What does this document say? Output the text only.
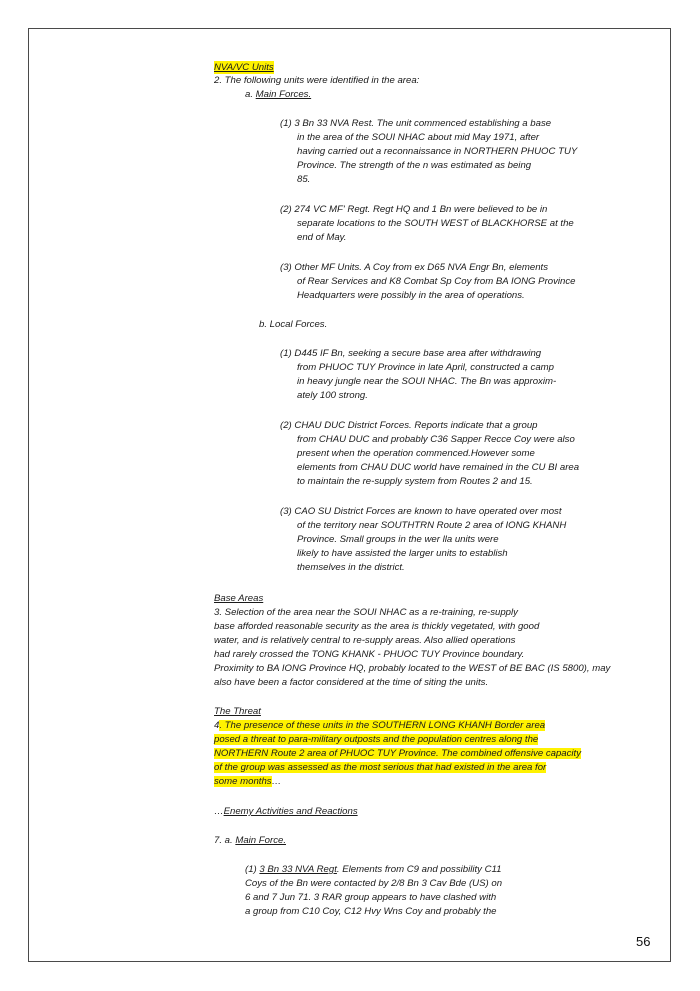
NVA/VC Units
2. The following units were identified in the area:
a. Main Forces.
(1) 3 Bn 33 NVA Rest. The unit commenced establishing a base
in the area of the SOUI NHAC about mid May 1971, after
having carried out a reconnaissance in NORTHERN PHUOC TUY
Province. The strength of the n was estimated as being
85.
(2) 274 VC MF' Regt. Regt HQ and 1 Bn were believed to be in
separate locations to the SOUTH WEST of BLACKHORSE at the
end of May.
(3) Other MF Units. A Coy from ex D65 NVA Engr Bn, elements
of Rear Services and K8 Combat Sp Coy from BA IONG Province
Headquarters were possibly in the area of operations.
b. Local Forces.
(1) D445 IF Bn, seeking a secure base area after withdrawing
from PHUOC TUY Province in late April, constructed a camp
in heavy jungle near the SOUI NHAC. The Bn was approxim-
ately 100 strong.
(2) CHAU DUC District Forces. Reports indicate that a group
from CHAU DUC and probably C36 Sapper Recce Coy were also
present when the operation commenced.However some
elements from CHAU DUC world have remained in the CU BI area
to maintain the re-supply system from Routes 2 and 15.
(3) CAO SU District Forces are known to have operated over most
of the territory near SOUTHTRN Route 2 area of IONG KHANH
Province. Small groups in the wer lla units were
likely to have assisted the larger units to establish
themselves in the district.
Base Areas
3. Selection of the area near the SOUI NHAC as a re-training, re-supply
base afforded reasonable security as the area is thickly vegetated, with good
water, and is relatively central to re-supply areas. Also allied operations
had rarely crossed the TONG KHANK - PHUOC TUY Province boundary.
Proximity to BA IONG Province HQ, probably located to the WEST of BE BAC (IS 5800), may
also have been a factor considered at the time of siting the units.
The Threat
4. The presence of these units in the SOUTHERN LONG KHANH Border area
posed a threat to para-military outposts and the population centres along the
NORTHERN Route 2 area of PHUOC TUY Province. The combined offensive capacity
of the group was assessed as the most serious that had existed in the area for
some months…
…Enemy Activities and Reactions
7. a. Main Force.
(1) 3 Bn 33 NVA Regt. Elements from C9 and possibility C11
Coys of the Bn were contacted by 2/8 Bn 3 Cav Bde (US) on
6 and 7 Jun 71. 3 RAR group appears to have clashed with
a group from C10 Coy, C12 Hvy Wns Coy and probably the
56
